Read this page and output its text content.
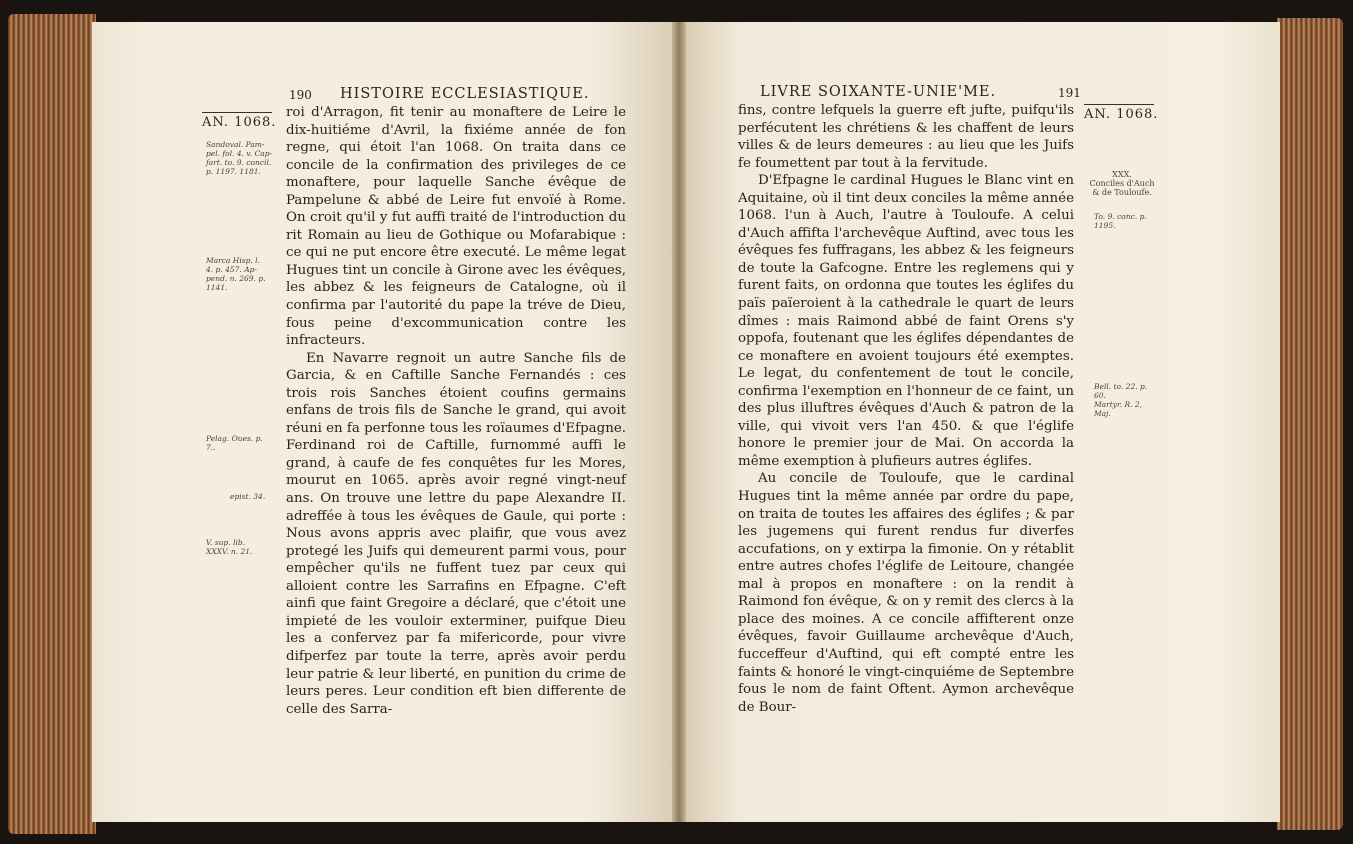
190 HISTOIRE ECCLESIASTIQUE.
AN. 1068.
Sandoval. Pam-
pel. fol. 4. v. Cap-
fart. to. 9. concil.
p. 1197. 1181.
Marca Hisp. l.
4. p. 457. Ap-
pend. n. 269. p.
1141.
Pelag. Oues. p.
7..
epist. 34.
V. sup. lib.
XXXV. n. 21.

roi d'Arragon, fit tenir au monaftere de Leire le dix-huitiéme d'Avril, la fixiéme année de fon regne, qui étoit l'an 1068. On traita dans ce concile de la confirmation des privileges de ce monaftere, pour laquelle Sanche évêque de Pampelune & abbé de Leire fut envoïé à Rome. On croit qu'il y fut auffi traité de l'introduction du rit Romain au lieu de Gothique ou Mofarabique : ce qui ne put encore être executé. Le même legat Hugues tint un concile à Girone avec les évêques, les abbez & les feigneurs de Catalogne, où il confirma par l'autorité du pape la tréve de Dieu, fous peine d'excommunication contre les infracteurs.

En Navarre regnoit un autre Sanche fils de Garcia, & en Caftille Sanche Fernandés : ces trois rois Sanches étoient coufins germains enfans de trois fils de Sanche le grand, qui avoit réuni en fa perfonne tous les roïaumes d'Efpagne. Ferdinand roi de Caftille, furnommé auffi le grand, à caufe de fes conquêtes fur les Mores, mourut en 1065. après avoir regné vingt-neuf ans. On trouve une lettre du pape Alexandre II. adreffée à tous les évêques de Gaule, qui porte : Nous avons appris avec plaifir, que vous avez protegé les Juifs qui demeurent parmi vous, pour empêcher qu'ils ne fuffent tuez par ceux qui alloient contre les Sarrafins en Efpagne. C'eft ainfi que faint Gregoire a déclaré, que c'étoit une impieté de les vouloir exterminer, puifque Dieu les a confervez par fa mifericorde, pour vivre difperfez par toute la terre, après avoir perdu leur patrie & leur liberté, en punition du crime de leurs peres. Leur condition eft bien differente de celle des Sarra-

LIVRE SOIXANTE-UNIE'ME.	191
AN. 1068.
XXX.
Conciles d'Auch
& de Touloufe.
To. 9. conc. p.
1195.
Bell. to. 22. p.
60.
Martyr. R. 2,
Maj.

fins, contre lefquels la guerre eft jufte, puifqu'ils perfécutent les chrétiens & les chaffent de leurs villes & de leurs demeures : au lieu que les Juifs fe foumettent par tout à la fervitude.

D'Efpagne le cardinal Hugues le Blanc vint en Aquitaine, où il tint deux conciles la même année 1068. l'un à Auch, l'autre à Touloufe. A celui d'Auch affifta l'archevêque Auftind, avec tous les évêques fes fuffragans, les abbez & les feigneurs de toute la Gafcogne. Entre les reglemens qui y furent faits, on ordonna que toutes les églifes du païs païeroient à la cathedrale le quart de leurs dîmes : mais Raimond abbé de faint Orens s'y oppofa, foutenant que les églifes dépendantes de ce monaftere en avoient toujours été exemptes. Le legat, du confentement de tout le concile, confirma l'exemption en l'honneur de ce faint, un des plus illuftres évêques d'Auch & patron de la ville, qui vivoit vers l'an 450. & que l'églife honore le premier jour de Mai. On accorda la même exemption à plufieurs autres églifes.

Au concile de Touloufe, que le cardinal Hugues tint la même année par ordre du pape, on traita de toutes les affaires des églifes ; & par les jugemens qui furent rendus fur diverfes accufations, on y extirpa la fimonie. On y rétablit entre autres chofes l'églife de Leitoure, changée mal à propos en monaftere : on la rendit à Raimond fon évêque, & on y remit des clercs à la place des moines. A ce concile affifterent onze évêques, favoir Guillaume archevêque d'Auch, fucceffeur d'Auftind, qui eft compté entre les faints & honoré le vingt-cinquiéme de Septembre fous le nom de faint Oftent. Aymon archevêque de Bour-
